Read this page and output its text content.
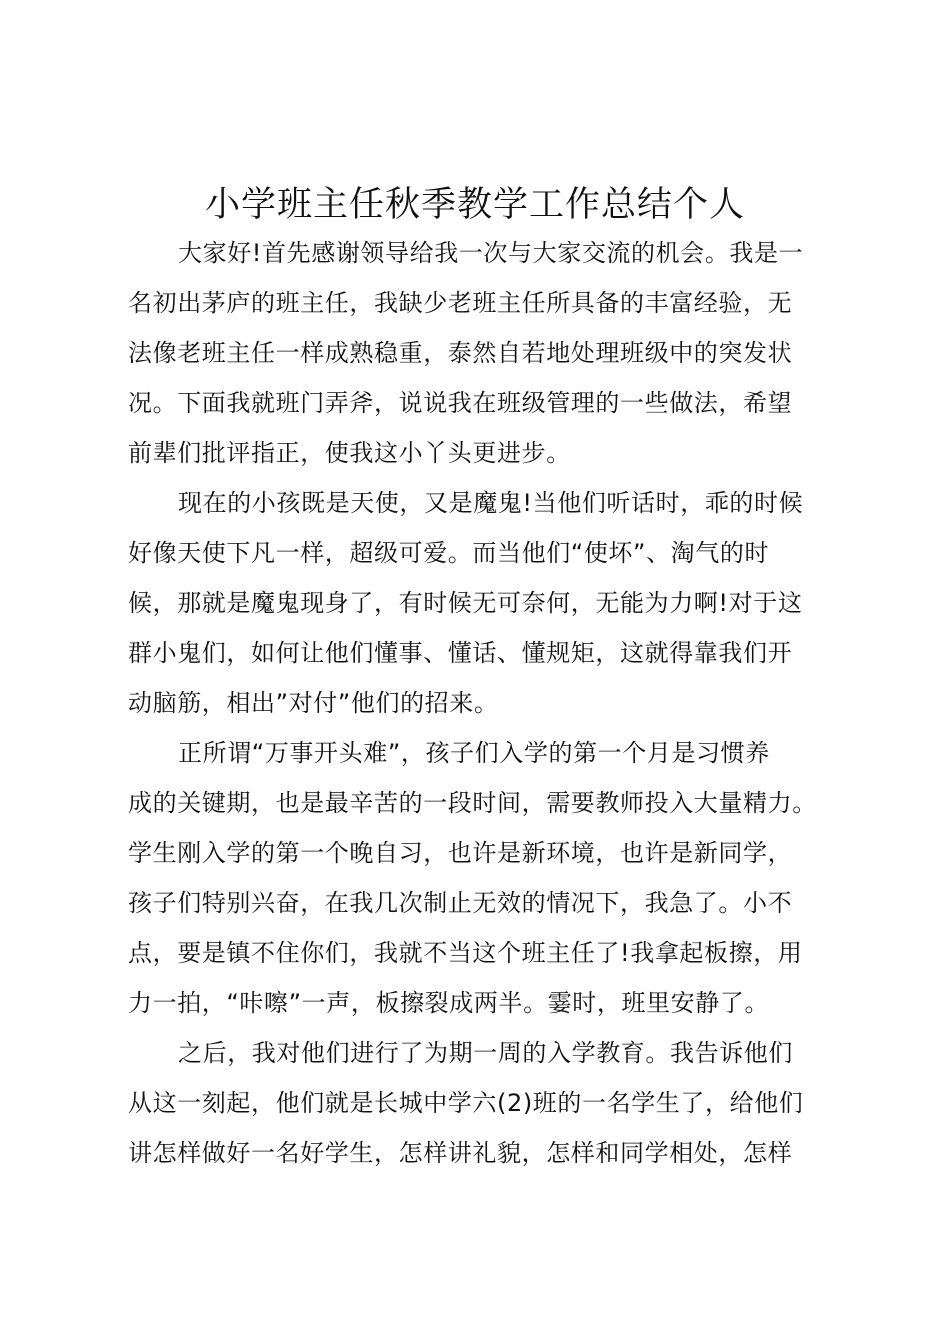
小学班主任秋季教学工作总结个人
大家好!首先感谢领导给我一次与大家交流的机会。我是一
名初出茅庐的班主任，我缺少老班主任所具备的丰富经验，无
法像老班主任一样成熟稳重，泰然自若地处理班级中的突发状
况。下面我就班门弄斧，说说我在班级管理的一些做法，希望
前辈们批评指正，使我这小丫头更进步。
现在的小孩既是天使，又是魔鬼!当他们听话时，乖的时候
好像天使下凡一样，超级可爱。而当他们“使坏”、淘气的时
候，那就是魔鬼现身了，有时候无可奈何，无能为力啊!对于这
群小鬼们，如何让他们懂事、懂话、懂规矩，这就得靠我们开
动脑筋，相出”对付”他们的招来。
正所谓“万事开头难”，孩子们入学的第一个月是习惯养
成的关键期，也是最辛苦的一段时间，需要教师投入大量精力。
学生刚入学的第一个晚自习，也许是新环境，也许是新同学，
孩子们特别兴奋，在我几次制止无效的情况下，我急了。小不
点，要是镇不住你们，我就不当这个班主任了!我拿起板擦，用
力一拍，“咔嚓”一声，板擦裂成两半。霎时，班里安静了。
之后，我对他们进行了为期一周的入学教育。我告诉他们
从这一刻起，他们就是长城中学六(2)班的一名学生了，给他们
讲怎样做好一名好学生，怎样讲礼貌，怎样和同学相处，怎样
